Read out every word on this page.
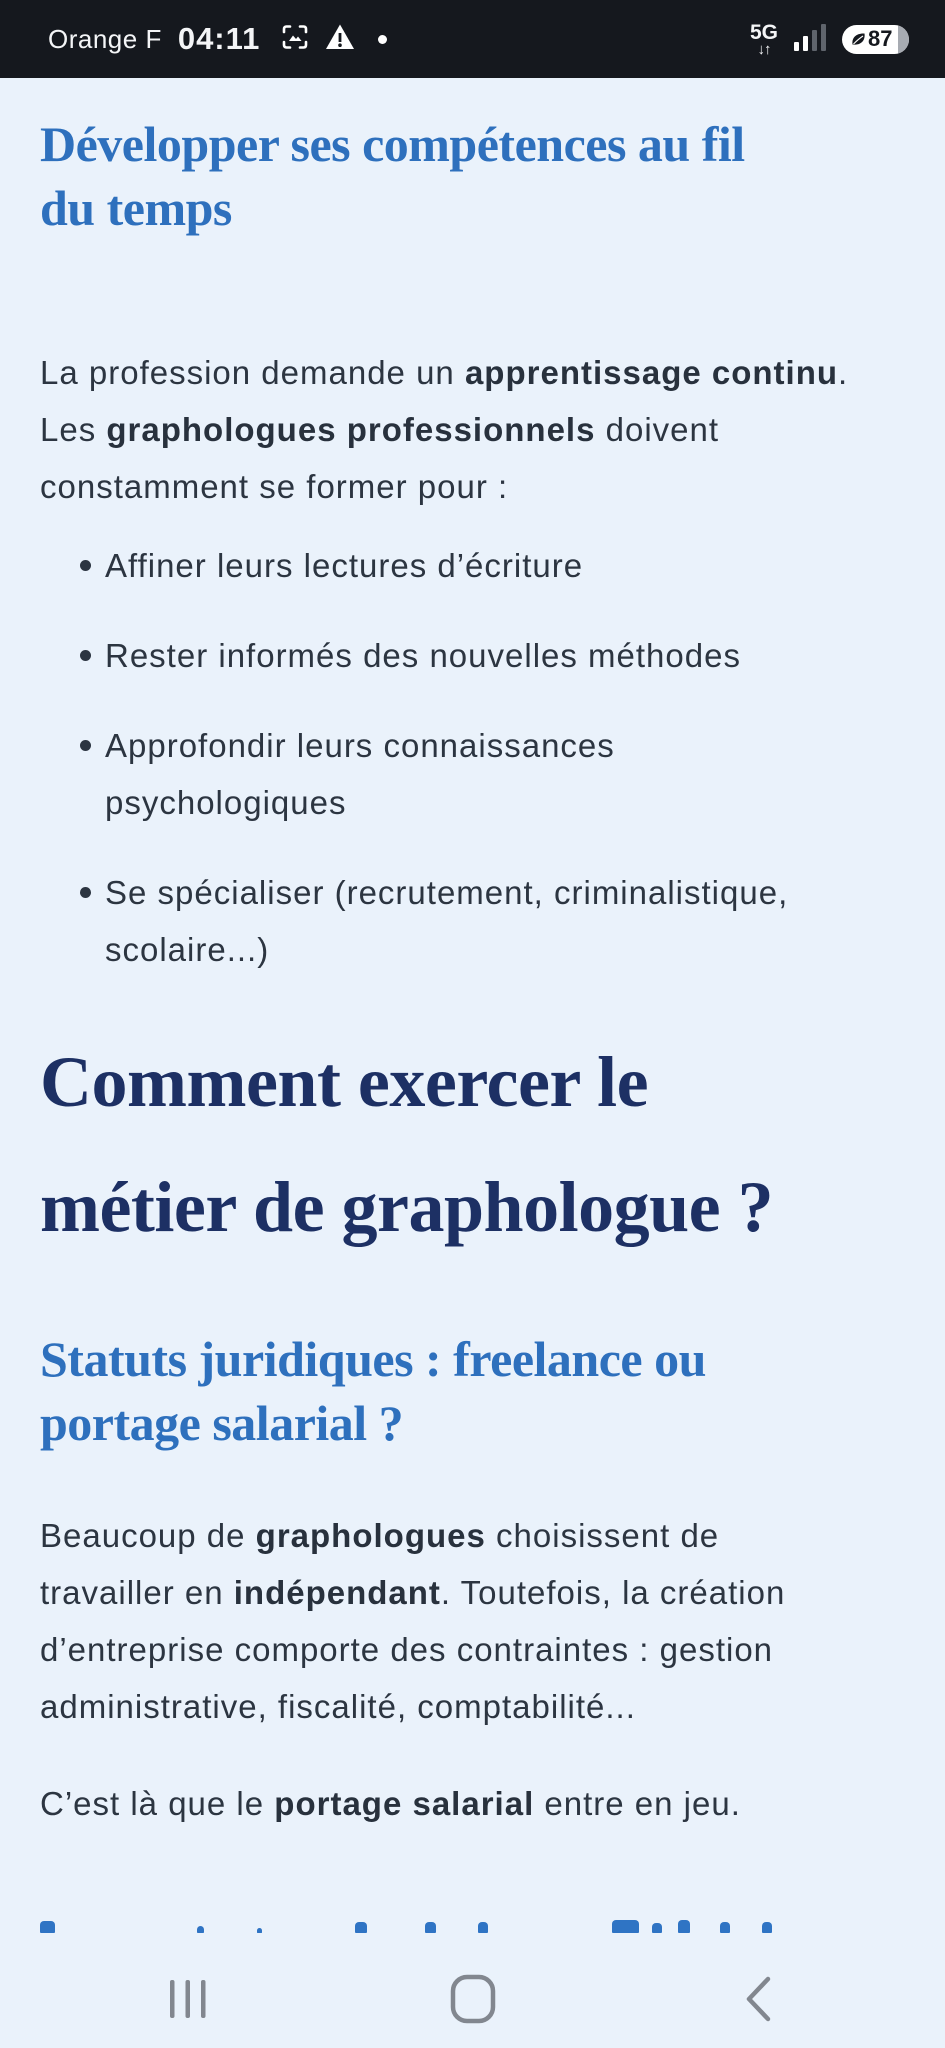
Orange F 04:11	5G
↓↑	87
Développer ses compétences au fil
du temps

La profession demande un apprentissage continu.
Les graphologues professionnels doivent
constamment se former pour :

Affiner leurs lectures d’écriture
Rester informés des nouvelles méthodes
Approfondir leurs connaissances
psychologiques
Se spécialiser (recrutement, criminalistique,
scolaire...)
Comment exercer le
métier de graphologue ?
Statuts juridiques : freelance ou
portage salarial ?

Beaucoup de graphologues choisissent de
travailler en indépendant. Toutefois, la création
d’entreprise comporte des contraintes : gestion
administrative, fiscalité, comptabilité...

C’est là que le portage salarial entre en jeu.
